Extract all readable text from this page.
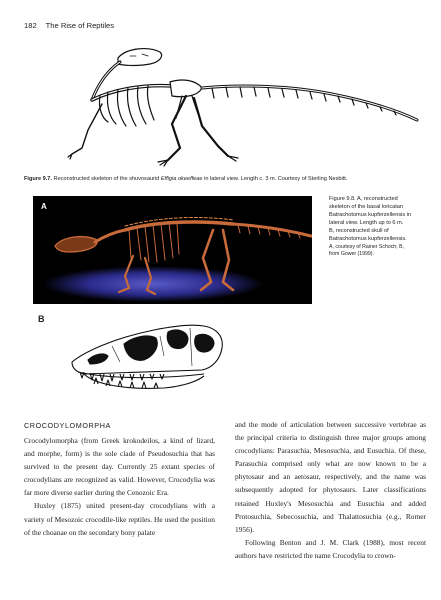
182 The Rise of Reptiles
Figure 9.7. Reconstructed skeleton of the shuvosaurid Effigia okeeffeae in lateral view. Length c. 3 m. Courtesy of Sterling Nesbitt.
A
Figure 9.8. A, reconstructed
skeleton of the basal loricatan
Batrachotomus kupferzellensis in
lateral view. Length up to 6 m.
B, reconstructed skull of
Batrachotomus kupferzellensis.
A, courtesy of Rainer Schoch; B,
from Gower (1999).
B
CROCODYLOMORPHA

Crocodylomorpha (from Greek krokodeilos, a kind of lizard, and morphe, form) is the sole clade of Pseudosuchia that has survived to the present day. Currently 25 extant species of crocodylians are recognized as valid. However, Crocodylia was far more diverse earlier during the Cenozoic Era.

Huxley (1875) united present-day crocodylians with a variety of Mesozoic crocodile-like reptiles. He used the position of the choanae on the secondary bony palate

and the mode of articulation between successive vertebrae as the principal criteria to distinguish three major groups among crocodylians: Parasuchia, Mesosuchia, and Eusuchia. Of these, Parasuchia comprised only what are now known to be a phytosaur and an aetosaur, respectively, and the name was subsequently adopted for phytosaurs. Later classifications retained Huxley's Mesosuchia and Eusuchia and added Protosuchia, Sebecosuchia, and Thalattosuchia (e.g., Romer 1956).

Following Benton and J. M. Clark (1988), most recent authors have restricted the name Crocodylia to crown-
